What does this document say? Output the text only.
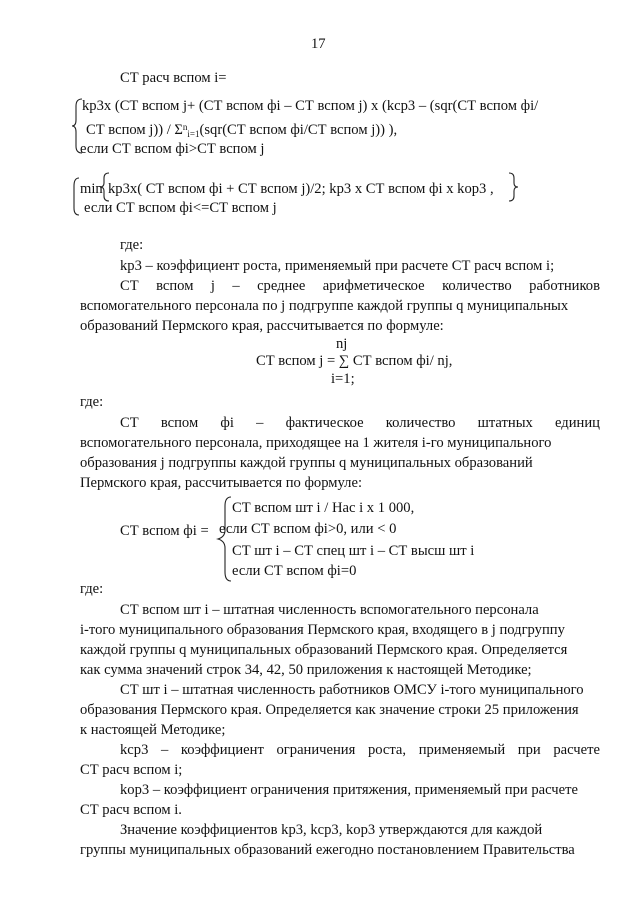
17
СТ расч вспом i=
kр3х (СТ вспом j+ (СТ вспом фi – СТ вспом j) х (kср3 – (sqr(СТ вспом фi/
СТ вспом $j)) / \Sigma^n_{i=1}(sqr(СТ$ вспом фi/СТ вспом j)) ),
если СТ вспом фi>СТ вспом j
min kр3х( СТ вспом фi + СТ вспом j)/2; kр3 х СТ вспом фi х kор3 ,
если СТ вспом фi<=СТ вспом j
где:
kр3 – коэффициент роста, применяемый при расчете СТ расч вспом i;
СТ вспом j – среднее арифметическое количество работников
вспомогательного персонала по j подгруппе каждой группы q муниципальных
образований Пермского края, рассчитывается по формуле:
nj
СТ вспом j = ∑ СТ вспом фi/ nj,
i=1;
где:
СТ вспом фi – фактическое количество штатных единиц
вспомогательного персонала, приходящее на 1 жителя i-го муниципального
образования j подгруппы каждой группы q муниципальных образований
Пермского края, рассчитывается по формуле:
СТ вспом фi =
СТ вспом шт i / Нас i х 1 000,
если СТ вспом фi>0, или < 0
СТ шт i – СТ спец шт i – СТ высш шт i
если СТ вспом фi=0
где:
СТ вспом шт i – штатная численность вспомогательного персонала
i-того муниципального образования Пермского края, входящего в j подгруппу
каждой группы q муниципальных образований Пермского края. Определяется
как сумма значений строк 34, 42, 50 приложения к настоящей Методике;
СТ шт i – штатная численность работников ОМСУ i-того муниципального
образования Пермского края. Определяется как значение строки 25 приложения
к настоящей Методике;
kср3 – коэффициент ограничения роста, применяемый при расчете
СТ расч вспом i;
kор3 – коэффициент ограничения притяжения, применяемый при расчете
СТ расч вспом i.
Значение коэффициентов kр3, kср3, kор3 утверждаются для каждой
группы муниципальных образований ежегодно постановлением Правительства
